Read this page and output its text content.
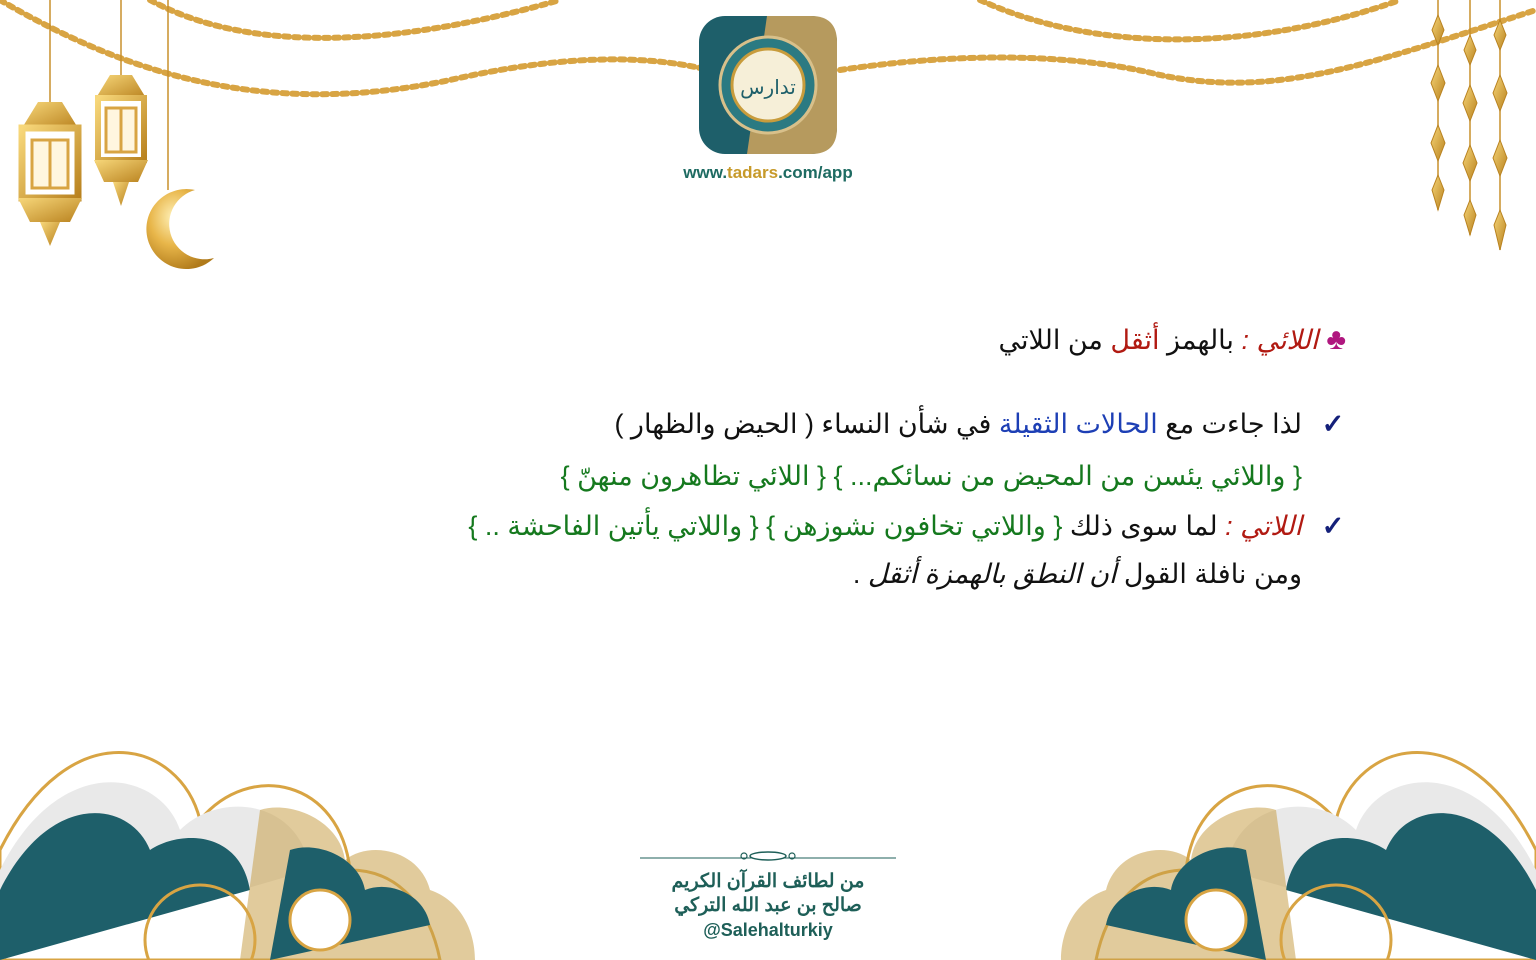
تدارس
www.tadars.com/app
♣اللائي : بالهمز أثقل من اللاتي
✓لذا جاءت مع الحالات الثقيلة في شأن النساء ( الحيض والظهار )
{ واللائي يئسن من المحيض من نسائكم... } { اللائي تظاهرون منهنّ }
✓اللاتي : لما سوى ذلك { واللاتي تخافون نشوزهن } { واللاتي يأتين الفاحشة .. }
ومن نافلة القول أن النطق بالهمزة أثقل .
من لطائف القرآن الكريم
صالح بن عبد الله التركي
@Salehalturkiy
